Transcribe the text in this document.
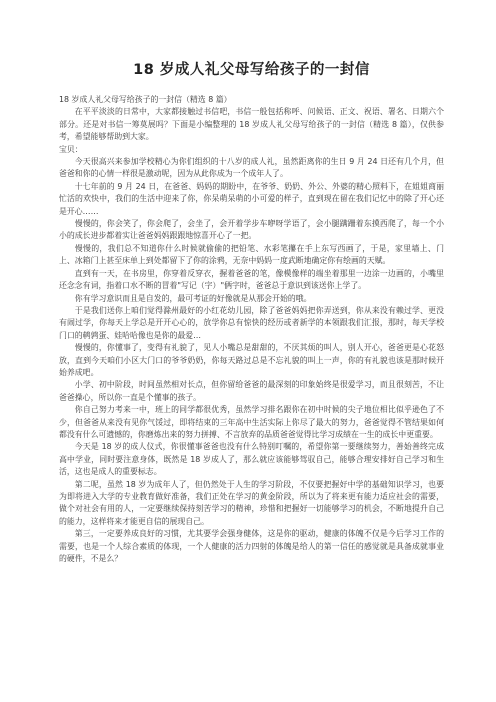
18 岁成人礼父母写给孩子的一封信

18 岁成人礼父母写给孩子的一封信（精选 8 篇）

在平平淡淡的日常中，大家都接触过书信吧，书信一般包括称呼、问候语、正文、祝语、署名、日期六个部分。还是对书信一筹莫展吗？下面是小编整理的 18 岁成人礼父母写给孩子的一封信（精选 8 篇），仅供参考，希望能够帮助到大家。

宝贝：

今天很高兴来参加学校精心为你们组织的十八岁的成人礼，虽然距离你的生日 9 月 24 日还有几个月，但爸爸和你的心情一样很是激动呢，因为从此你成为一个成年人了。

十七年前的 9 月 24 日，在爸爸、妈妈的期盼中，在爷爷、奶奶、外公、外婆的精心照料下，在姐姐商丽忙活的欢快中，我们的生活中迎来了你，你呆萌呆萌的小可爱的样子，直到现在留在我们记忆中的除了开心还是开心……

慢慢的，你会笑了，你会爬了，会坐了，会开着学步车咿呀学语了，会小腿蹒跚着东摸西爬了，每一个小小的成长进步都着实让爸爸妈妈跟跟地惊喜开心了一把。

慢慢的，我们总不知道你什么时候就偷偷的把铅笔、水彩笔攥在手上东写西画了，于是，家里墙上、门上、冰箱门上甚至床单上到处都留下了你的涂鸦，无奈中妈妈一度武断地确定你有绘画的天赋。

直到有一天，在书房里，你穿着反穿衣，握着爸爸的笔，像模像样的端坐着那里一边涂一边画的，小嘴里还念念有词，指着口水不断的冒着"写记（字）"俩字时，爸爸总于意识到该送你上学了。

你有学习意识而且是自发的，最可考证的好像就是从那会开始的哦。

于是我们送你上咱们觉得滁州最好的小红花幼儿园，除了爸爸妈妈把你弄送到，你从来没有赖过学、更没有闹过学，你每天上学总是开开心心的，放学你总有惊快的经历或者新学的本领跟我们汇报，那时，每天学校门口的鹌鹑蛋、娃哈哈像也是你的最爱…

慢慢的，你懂事了，变得有礼貌了，见人小嘴总是甜甜的，不厌其烦的叫人，别人开心，爸爸更是心花怒放，直到今天咱们小区大门口的爷爷奶奶，你每天路过总是不忘礼貌的叫上一声，你的有礼貌也该是那时候开始养成吧。

小学、初中阶段，时间虽然相对长点，但你留给爸爸的最深刻的印象始终是很爱学习，而且很刻苦，不让爸爸操心，所以你一直是个懂事的孩子。

你自己努力考来一中，班上的同学都很优秀，虽然学习排名跟你在初中时候的尖子地位相比似乎逊色了不少，但爸爸从来没有见你气馁过，即将结束的三年高中生活实际上你尽了最大的努力，爸爸觉得不管结果如何都没有什么可遗憾的，你磨炼出来的努力拼搏、不言放弃的品质爸爸觉得比学习成绩在一生的成长中更重要。

今天是 18 岁的成人仪式，你很懂事爸爸也没有什么特别叮嘱的，希望你第一要继续努力，善始善终完成高中学业，同时要注意身体，既然是 18 岁成人了，那么就应该能够驾驭自己，能够合理安排好自己学习和生活，这也是成人的重要标志。

第二呢，虽然 18 岁为成年人了，但仍然处于人生的学习阶段，不仅要把握好中学的基础知识学习，也要为即将进入大学的专业教育做好准备，我们正处在学习的黄金阶段，所以为了将来更有能力适应社会的需要，做个对社会有用的人，一定要继续保持刻苦学习的精神，珍惜和把握好一切能够学习的机会，不断地提升自己的能力，这样将来才能更自信的展现自己。

第三，一定要养成良好的习惯，尤其要学会强身健体，这是你的驱动，健康的体魄不仅是今后学习工作的需要，也是一个人综合素质的体现，一个人健康的活力四射的体魄是给人的第一信任的感觉就是具备成就事业的硬件，不是么？
